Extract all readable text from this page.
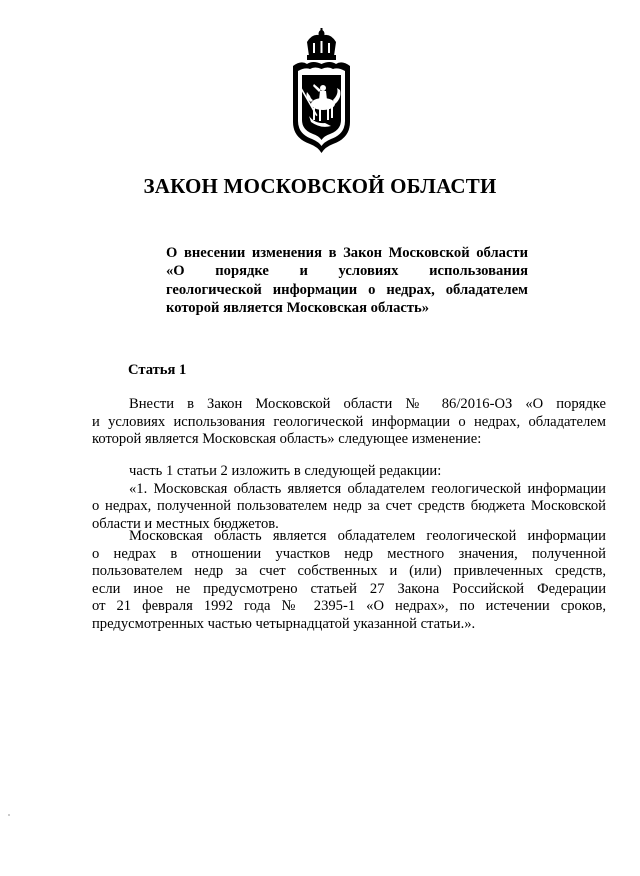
ЗАКОН МОСКОВСКОЙ ОБЛАСТИ
О внесении изменения в Закон Московской области
«О порядке и условиях использования
геологической информации о недрах, обладателем
которой является Московская область»
Статья 1
Внести в Закон Московской области № 86/2016-ОЗ «О порядке
и условиях использования геологической информации о недрах, обладателем
которой является Московская область» следующее изменение:
часть 1 статьи 2 изложить в следующей редакции:
«1. Московская область является обладателем геологической информации
о недрах, полученной пользователем недр за счет средств бюджета Московской
области и местных бюджетов.
Московская область является обладателем геологической информации
о недрах в отношении участков недр местного значения, полученной
пользователем недр за счет собственных и (или) привлеченных средств,
если иное не предусмотрено статьей 27 Закона Российской Федерации
от 21 февраля 1992 года № 2395-1 «О недрах», по истечении сроков,
предусмотренных частью четырнадцатой указанной статьи.».
